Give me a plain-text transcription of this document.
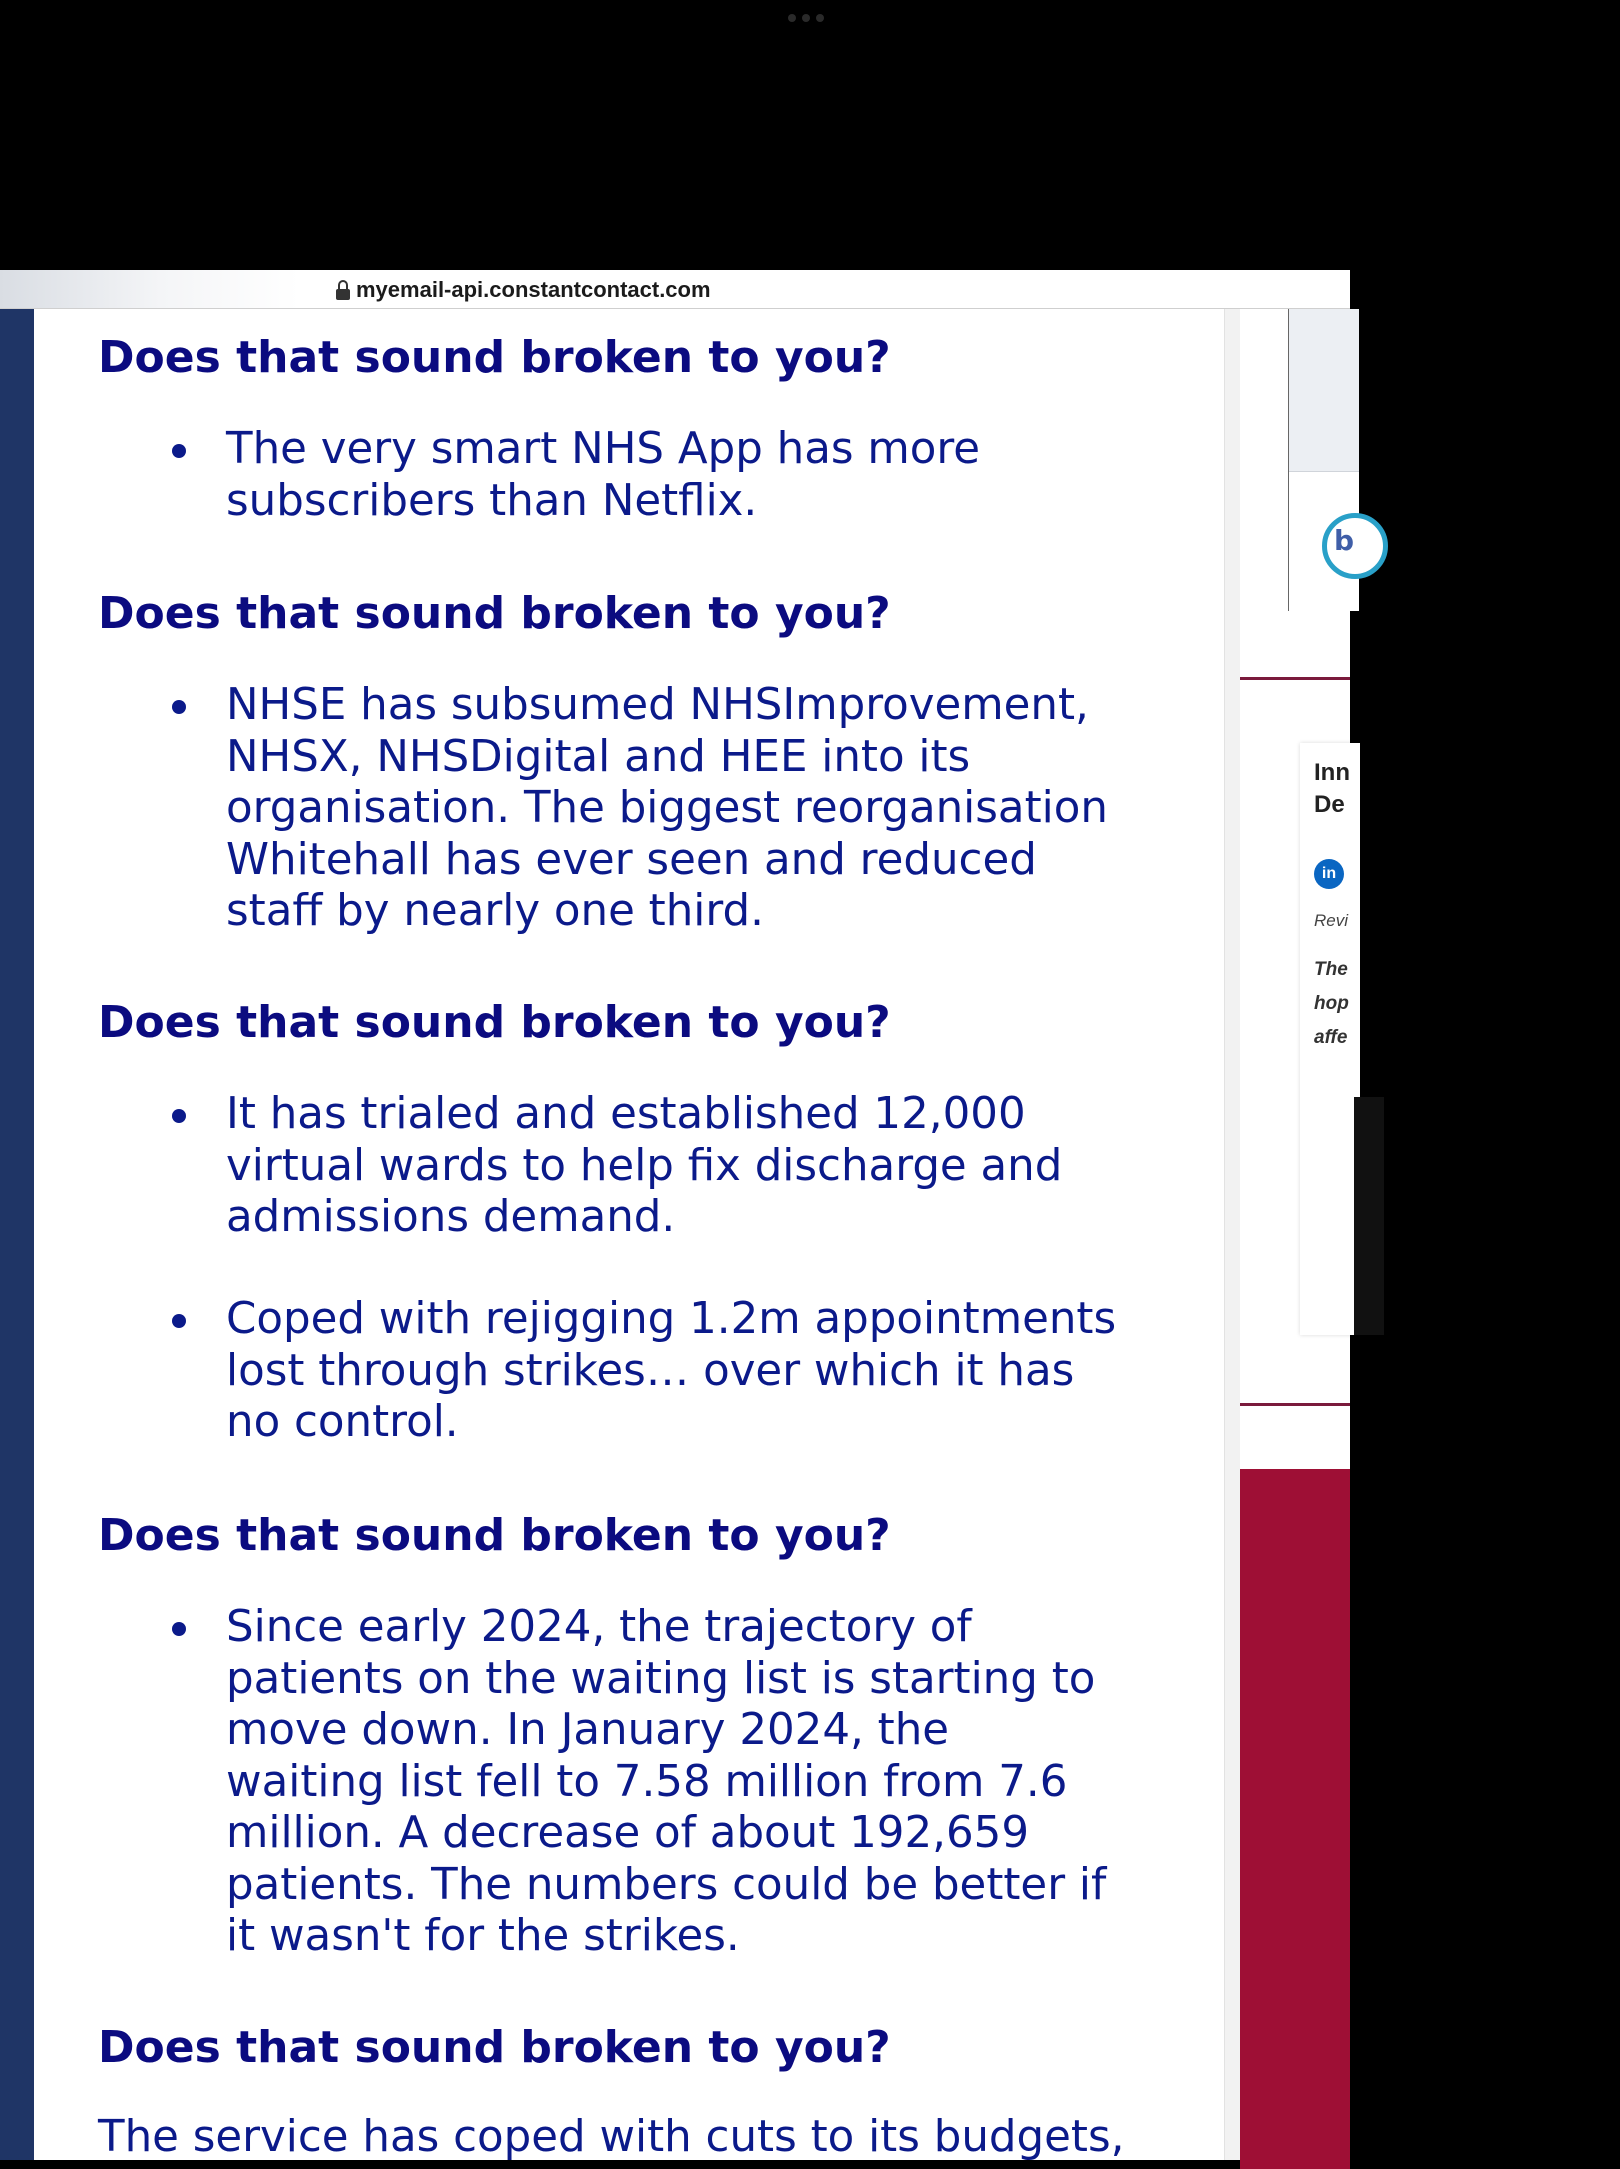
myemail-api.constantcontact.com
Does that sound broken to you?
The very smart NHS App has more
subscribers than Netflix.
Does that sound broken to you?
NHSE has subsumed NHSImprovement,
NHSX, NHSDigital and HEE into its
organisation. The biggest reorganisation
Whitehall has ever seen and reduced
staff by nearly one third.
Does that sound broken to you?
It has trialed and established 12,000
virtual wards to help fix discharge and
admissions demand.
Coped with rejigging 1.2m appointments
lost through strikes… over which it has
no control.
Does that sound broken to you?
Since early 2024, the trajectory of
patients on the waiting list is starting to
move down. In January 2024, the
waiting list fell to 7.58 million from 7.6
million. A decrease of about 192,659
patients. The numbers could be better if
it wasn't for the strikes.
Does that sound broken to you?
The service has coped with cuts to its budgets,
b
Inn
De
in
Revi
The
hop
affe
